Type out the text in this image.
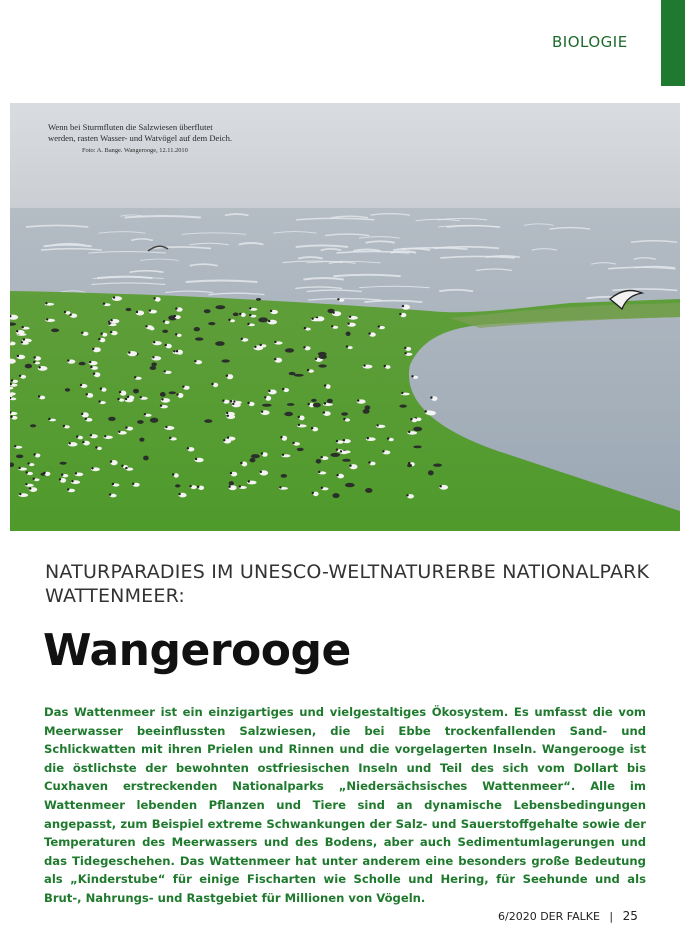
BIOLOGIE
Wenn bei Sturmfluten die Salzwiesen überflutet werden, rasten Wasser- und Watvögel auf dem Deich. Foto: A. Bange. Wangerooge, 12.11.2010
NATURPARADIES IM UNESCO-WELTNATURERBE NATIONALPARK WATTENMEER:
Wangerooge
Das Wattenmeer ist ein einzigartiges und vielgestaltiges Ökosystem. Es umfasst die vom Meerwasser beeinflussten Salzwiesen, die bei Ebbe trockenfallenden Sand- und Schlickwatten mit ihren Prielen und Rinnen und die vorgelagerten Inseln. Wangerooge ist die östlichste der bewohnten ostfriesischen Inseln und Teil des sich vom Dollart bis Cuxhaven erstreckenden Nationalparks „Niedersächsisches Wattenmeer“. Alle im Wattenmeer lebenden Pflanzen und Tiere sind an dynamische Lebensbedingungen angepasst, zum Beispiel extreme Schwankungen der Salz- und Sauerstoffgehalte sowie der Temperaturen des Meerwassers und des Bodens, aber auch Sedimentumlagerungen und das Tidegeschehen. Das Wattenmeer hat unter anderem eine besonders große Bedeutung als „Kinderstube“ für einige Fischarten wie Scholle und Hering, für Seehunde und als Brut-, Nahrungs- und Rastgebiet für Millionen von Vögeln.
6/2020 DER FALKE | 25
